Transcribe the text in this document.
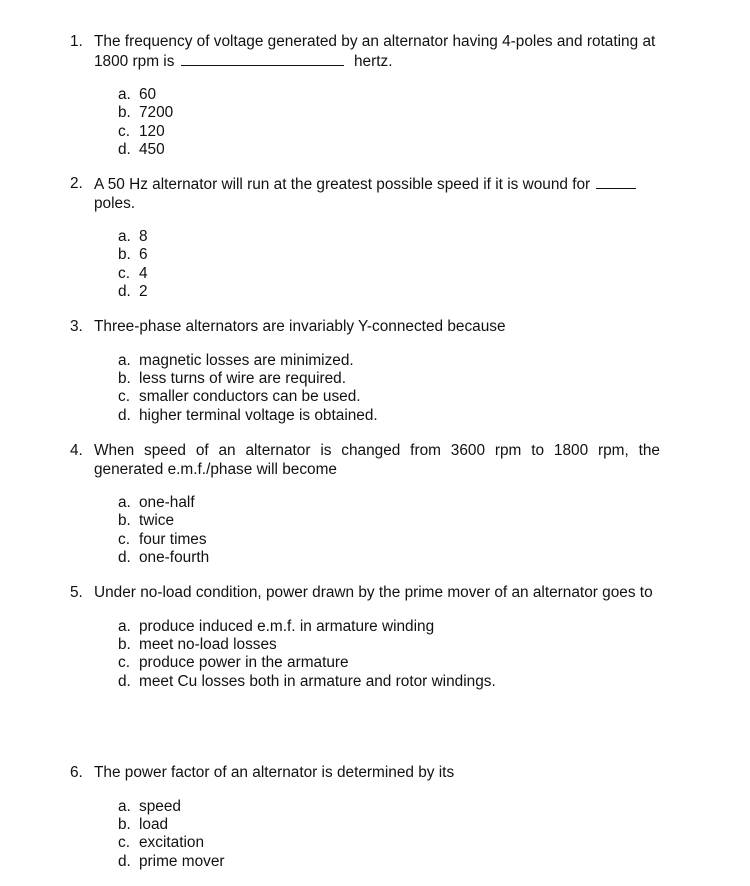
1. The frequency of voltage generated by an alternator having 4-poles and rotating at 1800 rpm is	hertz.
a. 60
b. 7200
c. 120
d. 450
2. A 50 Hz alternator will run at the greatest possible speed if it is wound for
poles.
a. 8
b. 6
c. 4
d. 2
3. Three-phase alternators are invariably Y-connected because
a. magnetic losses are minimized.
b. less turns of wire are required.
c. smaller conductors can be used.
d. higher terminal voltage is obtained.
4. When speed of an alternator is changed from 3600 rpm to 1800 rpm, the generated e.m.f./phase will become
a. one-half
b. twice
c. four times
d. one-fourth
5. Under no-load condition, power drawn by the prime mover of an alternator goes to
a. produce induced e.m.f. in armature winding
b. meet no-load losses
c. produce power in the armature
d. meet Cu losses both in armature and rotor windings.
6. The power factor of an alternator is determined by its
a. speed
b. load
c. excitation
d. prime mover
